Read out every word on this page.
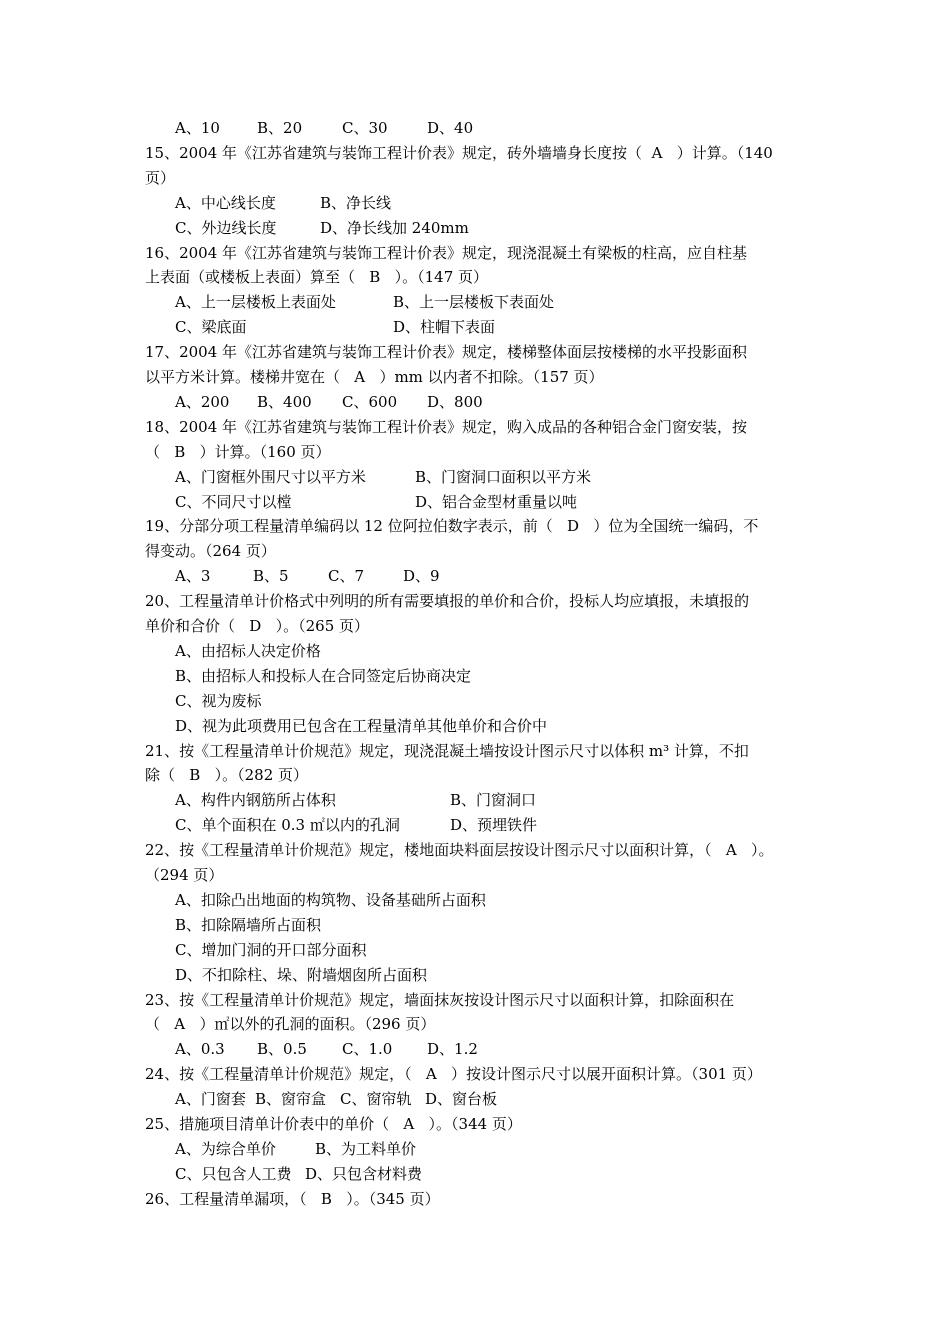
A、10 B、20	C、30	D、40
15、2004 年《江苏省建筑与装饰工程计价表》规定，砖外墙墙身长度按（  A   ）计算。（140
页）
A、中心线长度	B、净长线
C、外边线长度	D、净长线加 240mm
16、2004 年《江苏省建筑与装饰工程计价表》规定，现浇混凝土有梁板的柱高，应自柱基
上表面（或楼板上表面）算至（   B   ）。（147 页）
A、上一层楼板上表面处	B、上一层楼板下表面处
C、梁底面	D、柱帽下表面
17、2004 年《江苏省建筑与装饰工程计价表》规定，楼梯整体面层按楼梯的水平投影面积
以平方米计算。楼梯井宽在（   A   ）mm 以内者不扣除。（157 页）
A、200 B、400 C、600 D、800
18、2004 年《江苏省建筑与装饰工程计价表》规定，购入成品的各种铝合金门窗安装，按
（   B   ）计算。（160 页）
A、门窗框外围尺寸以平方米	B、门窗洞口面积以平方米
C、不同尺寸以樘	D、铝合金型材重量以吨
19、分部分项工程量清单编码以 12 位阿拉伯数字表示，前（   D   ）位为全国统一编码，不
得变动。（264 页）
A、3	B、5	C、7	D、9
20、工程量清单计价格式中列明的所有需要填报的单价和合价，投标人均应填报，未填报的
单价和合价（   D   ）。（265 页）
A、由招标人决定价格
B、由招标人和投标人在合同签定后协商决定
C、视为废标
D、视为此项费用已包含在工程量清单其他单价和合价中
21、按《工程量清单计价规范》规定，现浇混凝土墙按设计图示尺寸以体积 m³ 计算，不扣
除（   B   ）。（282 页）
A、构件内钢筋所占体积	B、门窗洞口
C、单个面积在 0.3 ㎡以内的孔洞	D、预埋铁件
22、按《工程量清单计价规范》规定，楼地面块料面层按设计图示尺寸以面积计算，（   A   ）。
（294 页）
A、扣除凸出地面的构筑物、设备基础所占面积
B、扣除隔墙所占面积
C、增加门洞的开口部分面积
D、不扣除柱、垛、附墙烟囱所占面积
23、按《工程量清单计价规范》规定，墙面抹灰按设计图示尺寸以面积计算，扣除面积在
（   A   ）㎡以外的孔洞的面积。（296 页）
A、0.3 B、0.5 C、1.0 D、1.2
24、按《工程量清单计价规范》规定，（   A   ）按设计图示尺寸以展开面积计算。（301 页）
A、门窗套 B、窗帘盒 C、窗帘轨 D、窗台板
25、措施项目清单计价表中的单价（   A   ）。（344 页）
A、为综合单价	B、为工料单价
C、只包含人工费 D、只包含材料费
26、工程量清单漏项，（   B   ）。（345 页）
